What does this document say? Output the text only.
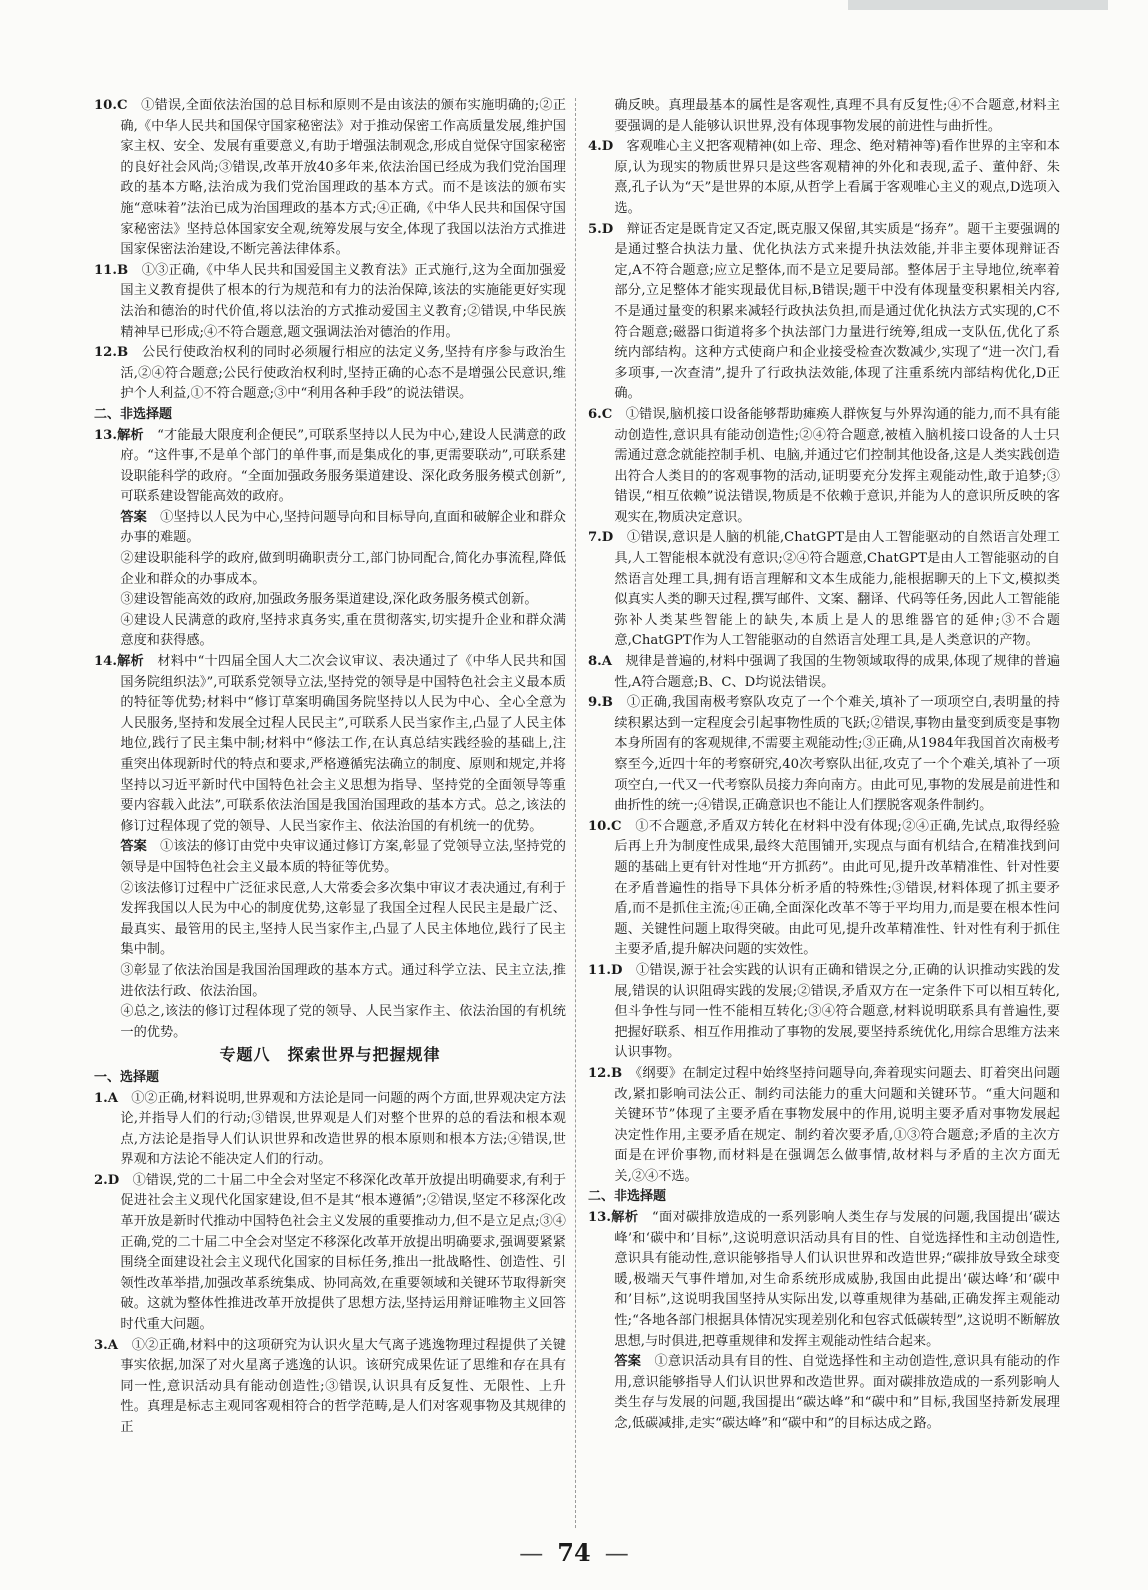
10.C　 ①错误,全面依法治国的总目标和原则不是由该法的颁布实施明确的;②正确,《中华人民共和国保守国家秘密法》对于推动保密工作高质量发展,维护国家主权、安全、发展有重要意义,有助于增强法制观念,形成自觉保守国家秘密的良好社会风尚;③错误,改革开放40多年来,依法治国已经成为我们党治国理政的基本方略,法治成为我们党治国理政的基本方式。而不是该法的颁布实施“意味着”法治已成为治国理政的基本方式;④正确,《中华人民共和国保守国家秘密法》坚持总体国家安全观,统筹发展与安全,体现了我国以法治方式推进国家保密法治建设,不断完善法律体系。

11.B　 ①③正确,《中华人民共和国爱国主义教育法》正式施行,这为全面加强爱国主义教育提供了根本的行为规范和有力的法治保障,该法的实施能更好实现法治和德治的时代价值,将以法治的方式推动爱国主义教育;②错误,中华民族精神早已形成;④不符合题意,题文强调法治对德治的作用。

12.B　 公民行使政治权利的同时必须履行相应的法定义务,坚持有序参与政治生活,②④符合题意;公民行使政治权利时,坚持正确的心态不是增强公民意识,维护个人利益,①不符合题意;③中“利用各种手段”的说法错误。

二、非选择题

13.解析　 “才能最大限度利企便民”,可联系坚持以人民为中心,建设人民满意的政府。“这件事,不是单个部门的单件事,而是集成化的事,更需要联动”,可联系建设职能科学的政府。“全面加强政务服务渠道建设、深化政务服务模式创新”,可联系建设智能高效的政府。

答案　 ①坚持以人民为中心,坚持问题导向和目标导向,直面和破解企业和群众办事的难题。

②建设职能科学的政府,做到明确职责分工,部门协同配合,简化办事流程,降低企业和群众的办事成本。

③建设智能高效的政府,加强政务服务渠道建设,深化政务服务模式创新。

④建设人民满意的政府,坚持求真务实,重在贯彻落实,切实提升企业和群众满意度和获得感。

14.解析　 材料中“十四届全国人大二次会议审议、表决通过了《中华人民共和国国务院组织法》”,可联系党领导立法,坚持党的领导是中国特色社会主义最本质的特征等优势;材料中“修订草案明确国务院坚持以人民为中心、全心全意为人民服务,坚持和发展全过程人民民主”,可联系人民当家作主,凸显了人民主体地位,践行了民主集中制;材料中“修法工作,在认真总结实践经验的基础上,注重突出体现新时代的特点和要求,严格遵循宪法确立的制度、原则和规定,并将坚持以习近平新时代中国特色社会主义思想为指导、坚持党的全面领导等重要内容载入此法”,可联系依法治国是我国治国理政的基本方式。总之,该法的修订过程体现了党的领导、人民当家作主、依法治国的有机统一的优势。

答案　 ①该法的修订由党中央审议通过修订方案,彰显了党领导立法,坚持党的领导是中国特色社会主义最本质的特征等优势。

②该法修订过程中广泛征求民意,人大常委会多次集中审议才表决通过,有利于发挥我国以人民为中心的制度优势,这彰显了我国全过程人民民主是最广泛、最真实、最管用的民主,坚持人民当家作主,凸显了人民主体地位,践行了民主集中制。

③彰显了依法治国是我国治国理政的基本方式。通过科学立法、民主立法,推进依法行政、依法治国。

④总之,该法的修订过程体现了党的领导、人民当家作主、依法治国的有机统一的优势。

专题八　探索世界与把握规律

一、选择题

1.A　 ①②正确,材料说明,世界观和方法论是同一问题的两个方面,世界观决定方法论,并指导人们的行动;③错误,世界观是人们对整个世界的总的看法和根本观点,方法论是指导人们认识世界和改造世界的根本原则和根本方法;④错误,世界观和方法论不能决定人们的行动。

2.D　 ①错误,党的二十届二中全会对坚定不移深化改革开放提出明确要求,有利于促进社会主义现代化国家建设,但不是其“根本遵循”;②错误,坚定不移深化改革开放是新时代推动中国特色社会主义发展的重要推动力,但不是立足点;③④正确,党的二十届二中全会对坚定不移深化改革开放提出明确要求,强调要紧紧围绕全面建设社会主义现代化国家的目标任务,推出一批战略性、创造性、引领性改革举措,加强改革系统集成、协同高效,在重要领域和关键环节取得新突破。这就为整体性推进改革开放提供了思想方法,坚持运用辩证唯物主义回答时代重大问题。

3.A　 ①②正确,材料中的这项研究为认识火星大气离子逃逸物理过程提供了关键事实依据,加深了对火星离子逃逸的认识。该研究成果佐证了思维和存在具有同一性,意识活动具有能动创造性;③错误,认识具有反复性、无限性、上升性。真理是标志主观同客观相符合的哲学范畴,是人们对客观事物及其规律的正

确反映。真理最基本的属性是客观性,真理不具有反复性;④不合题意,材料主要强调的是人能够认识世界,没有体现事物发展的前进性与曲折性。

4.D　 客观唯心主义把客观精神(如上帝、理念、绝对精神等)看作世界的主宰和本原,认为现实的物质世界只是这些客观精神的外化和表现,孟子、董仲舒、朱熹,孔子认为“天”是世界的本原,从哲学上看属于客观唯心主义的观点,D选项入选。

5.D　 辩证否定是既肯定又否定,既克服又保留,其实质是“扬弃”。题干主要强调的是通过整合执法力量、优化执法方式来提升执法效能,并非主要体现辩证否定,A不符合题意;应立足整体,而不是立足要局部。整体居于主导地位,统率着部分,立足整体才能实现最优目标,B错误;题干中没有体现量变积累相关内容,不是通过量变的积累来减轻行政执法负担,而是通过优化执法方式实现的,C不符合题意;磁器口街道将多个执法部门力量进行统筹,组成一支队伍,优化了系统内部结构。这种方式使商户和企业接受检查次数减少,实现了“进一次门,看多项事,一次查清”,提升了行政执法效能,体现了注重系统内部结构优化,D正确。

6.C　 ①错误,脑机接口设备能够帮助瘫痪人群恢复与外界沟通的能力,而不具有能动创造性,意识具有能动创造性;②④符合题意,被植入脑机接口设备的人士只需通过意念就能控制手机、电脑,并通过它们控制其他设备,这是人类实践创造出符合人类目的的客观事物的活动,证明要充分发挥主观能动性,敢于追梦;③错误,“相互依赖”说法错误,物质是不依赖于意识,并能为人的意识所反映的客观实在,物质决定意识。

7.D　 ①错误,意识是人脑的机能,ChatGPT是由人工智能驱动的自然语言处理工具,人工智能根本就没有意识;②④符合题意,ChatGPT是由人工智能驱动的自然语言处理工具,拥有语言理解和文本生成能力,能根据聊天的上下文,模拟类似真实人类的聊天过程,撰写邮件、文案、翻译、代码等任务,因此人工智能能弥补人类某些智能上的缺失,本质上是人的思维器官的延伸;③不合题意,ChatGPT作为人工智能驱动的自然语言处理工具,是人类意识的产物。

8.A　 规律是普遍的,材料中强调了我国的生物领域取得的成果,体现了规律的普遍性,A符合题意;B、C、D均说法错误。

9.B　 ①正确,我国南极考察队攻克了一个个难关,填补了一项项空白,表明量的持续积累达到一定程度会引起事物性质的飞跃;②错误,事物由量变到质变是事物本身所固有的客观规律,不需要主观能动性;③正确,从1984年我国首次南极考察至今,近四十年的考察研究,40次考察队出征,攻克了一个个难关,填补了一项项空白,一代又一代考察队员接力奔向南方。由此可见,事物的发展是前进性和曲折性的统一;④错误,正确意识也不能让人们摆脱客观条件制约。

10.C　 ①不合题意,矛盾双方转化在材料中没有体现;②④正确,先试点,取得经验后再上升为制度性成果,最终大范围铺开,实现点与面有机结合,在精准找到问题的基础上更有针对性地“开方抓药”。由此可见,提升改革精准性、针对性要在矛盾普遍性的指导下具体分析矛盾的特殊性;③错误,材料体现了抓主要矛盾,而不是抓住主流;④正确,全面深化改革不等于平均用力,而是要在根本性问题、关键性问题上取得突破。由此可见,提升改革精准性、针对性有利于抓住主要矛盾,提升解决问题的实效性。

11.D　 ①错误,源于社会实践的认识有正确和错误之分,正确的认识推动实践的发展,错误的认识阻碍实践的发展;②错误,矛盾双方在一定条件下可以相互转化,但斗争性与同一性不能相互转化;③④符合题意,材料说明联系具有普遍性,要把握好联系、相互作用推动了事物的发展,要坚持系统优化,用综合思维方法来认识事物。

12.B　 《纲要》在制定过程中始终坚持问题导向,奔着现实问题去、盯着突出问题改,紧扣影响司法公正、制约司法能力的重大问题和关键环节。“重大问题和关键环节”体现了主要矛盾在事物发展中的作用,说明主要矛盾对事物发展起决定性作用,主要矛盾在规定、制约着次要矛盾,①③符合题意;矛盾的主次方面是在评价事物,而材料是在强调怎么做事情,故材料与矛盾的主次方面无关,②④不选。

二、非选择题

13.解析　 “面对碳排放造成的一系列影响人类生存与发展的问题,我国提出‘碳达峰’和‘碳中和’目标”,这说明意识活动具有目的性、自觉选择性和主动创造性,意识具有能动性,意识能够指导人们认识世界和改造世界;“碳排放导致全球变暖,极端天气事件增加,对生命系统形成威胁,我国由此提出‘碳达峰’和‘碳中和’目标”,这说明我国坚持从实际出发,以尊重规律为基础,正确发挥主观能动性;“各地各部门根据具体情况实现差别化和包容式低碳转型”,这说明不断解放思想,与时俱进,把尊重规律和发挥主观能动性结合起来。

答案　 ①意识活动具有目的性、自觉选择性和主动创造性,意识具有能动的作用,意识能够指导人们认识世界和改造世界。面对碳排放造成的一系列影响人类生存与发展的问题,我国提出“碳达峰”和“碳中和”目标,我国坚持新发展理念,低碳减排,走实“碳达峰”和“碳中和”的目标达成之路。

— 74 —
